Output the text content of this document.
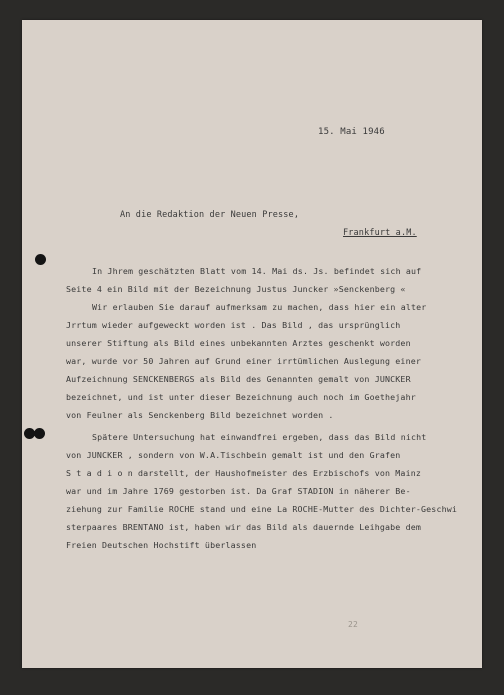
15. Mai 1946
An die Redaktion der Neuen Presse,
Frankfurt a.M.
In Jhrem geschätzten Blatt vom 14. Mai ds. Js. befindet sich auf
Seite 4 ein Bild mit der Bezeichnung Justus Juncker »Senckenberg «
Wir erlauben Sie darauf aufmerksam zu machen, dass hier ein alter
Jrrtum wieder aufgeweckt worden ist . Das Bild , das ursprünglich
unserer Stiftung als Bild eines unbekannten Arztes geschenkt worden
war, wurde vor 50 Jahren auf Grund einer irrtümlichen Auslegung einer
Aufzeichnung SENCKENBERGS als Bild des Genannten gemalt von JUNCKER
bezeichnet, und ist unter dieser Bezeichnung auch noch im Goethejahr
von Feulner als Senckenberg Bild bezeichnet worden .
Spätere Untersuchung hat einwandfrei ergeben, dass das Bild nicht
von JUNCKER , sondern von W.A.Tischbein gemalt ist und den Grafen
S t a d i o n darstellt, der Haushofmeister des Erzbischofs von Mainz
war und im Jahre 1769 gestorben ist. Da Graf STADION in näherer Be-
ziehung zur Familie ROCHE stand und eine La ROCHE-Mutter des Dichter-Geschwi
sterpaares BRENTANO ist, haben wir das Bild als dauernde Leihgabe dem
Freien Deutschen Hochstift überlassen
22
